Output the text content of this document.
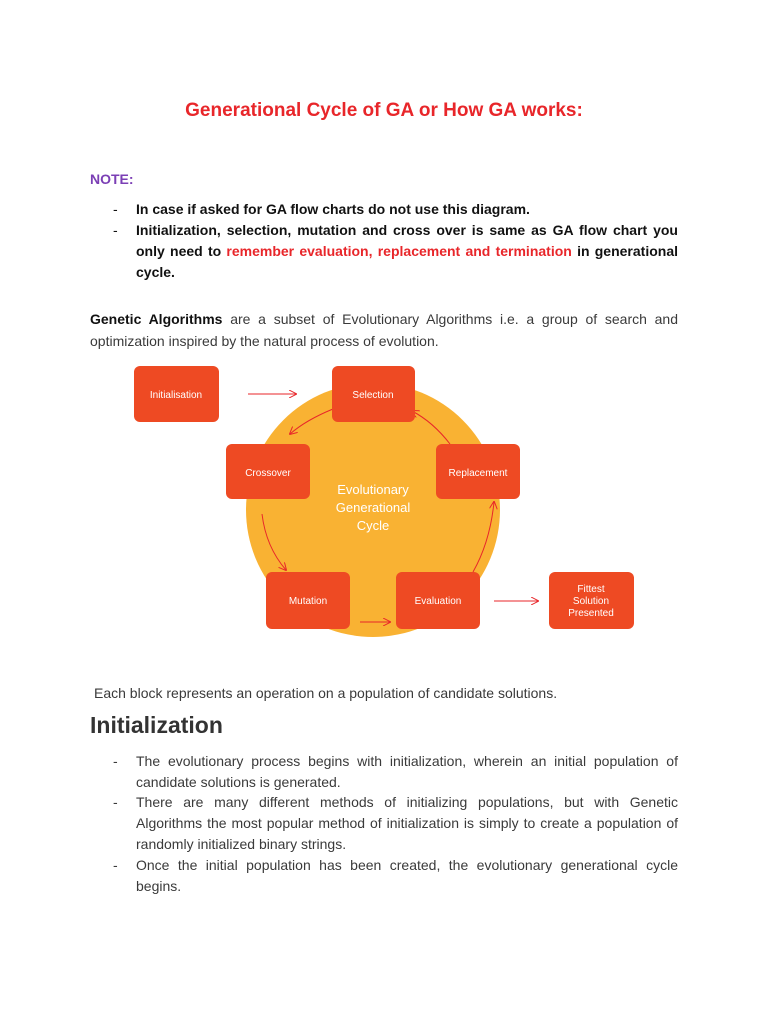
Generational Cycle of GA or How GA works:
NOTE:
- In case if asked for GA flow charts do not use this diagram.
- Initialization, selection, mutation and cross over is same as GA flow chart you only need to remember evaluation, replacement and termination in generational cycle.
Genetic Algorithms are a subset of Evolutionary Algorithms i.e. a group of search and optimization inspired by the natural process of evolution.
Evolutionary
Generational
Cycle
Initialisation	Selection
Crossover	Replacement
Mutation	Evaluation
Fittest
Solution
Presented
Each block represents an operation on a population of candidate solutions.
Initialization
- The evolutionary process begins with initialization, wherein an initial population of candidate solutions is generated.
- There are many different methods of initializing populations, but with Genetic Algorithms the most popular method of initialization is simply to create a population of randomly initialized binary strings.
- Once the initial population has been created, the evolutionary generational cycle begins.
